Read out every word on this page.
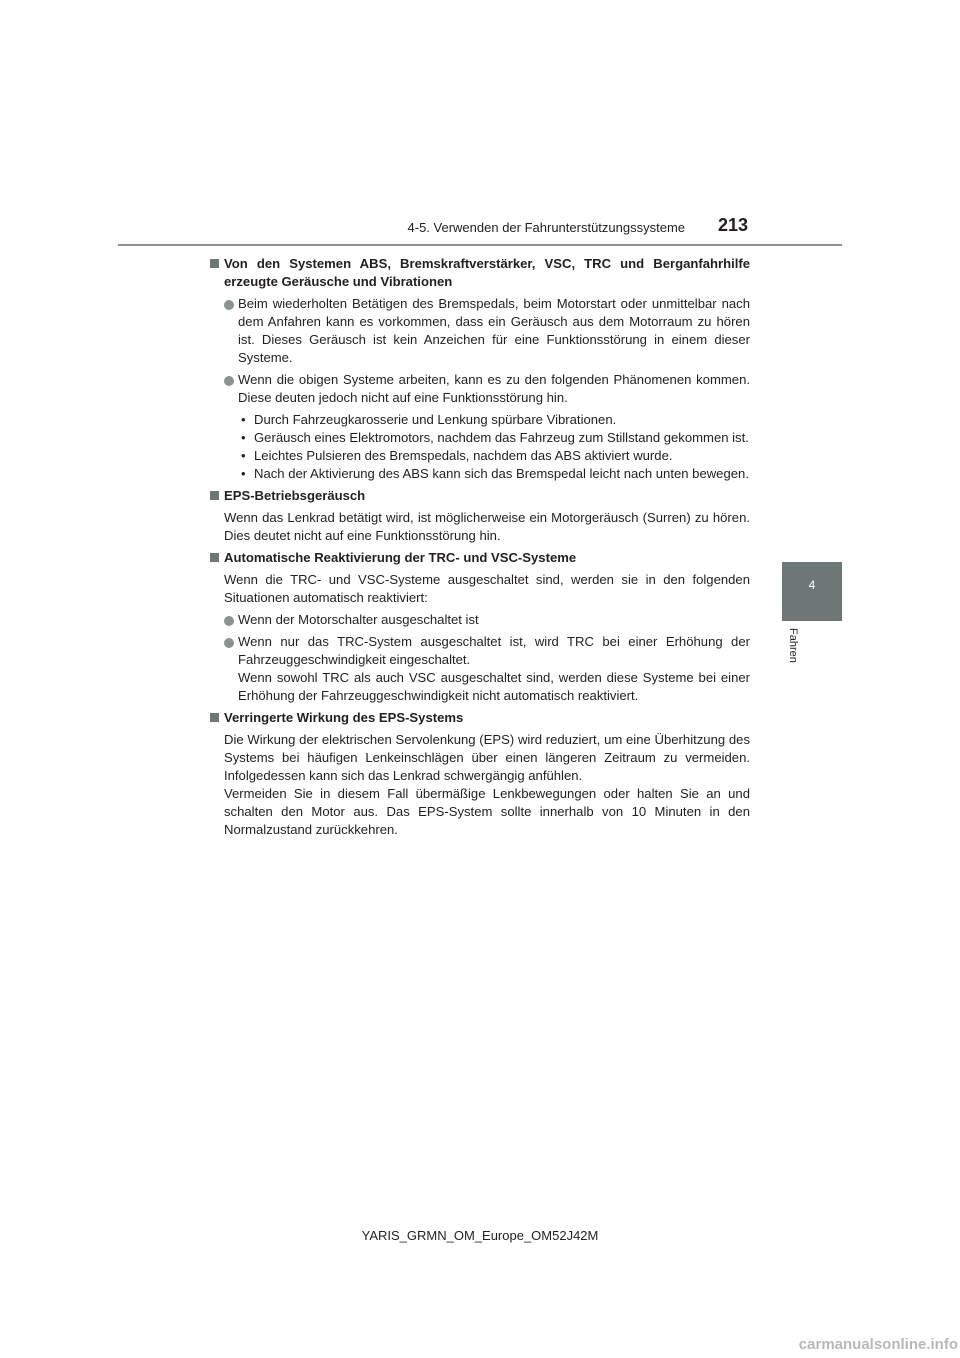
4-5. Verwenden der Fahrunterstützungssysteme	213
4
Fahren
Von den Systemen ABS, Bremskraftverstärker, VSC, TRC und Berganfahrhilfe erzeugte Geräusche und Vibrationen
Beim wiederholten Betätigen des Bremspedals, beim Motorstart oder unmittelbar nach dem Anfahren kann es vorkommen, dass ein Geräusch aus dem Motorraum zu hören ist. Dieses Geräusch ist kein Anzeichen für eine Funktionsstörung in einem dieser Systeme.
Wenn die obigen Systeme arbeiten, kann es zu den folgenden Phänomenen kommen. Diese deuten jedoch nicht auf eine Funktionsstörung hin.
• Durch Fahrzeugkarosserie und Lenkung spürbare Vibrationen.
• Geräusch eines Elektromotors, nachdem das Fahrzeug zum Stillstand gekommen ist.
• Leichtes Pulsieren des Bremspedals, nachdem das ABS aktiviert wurde.
• Nach der Aktivierung des ABS kann sich das Bremspedal leicht nach unten bewegen.
EPS-Betriebsgeräusch
Wenn das Lenkrad betätigt wird, ist möglicherweise ein Motorgeräusch (Surren) zu hören. Dies deutet nicht auf eine Funktionsstörung hin.
Automatische Reaktivierung der TRC- und VSC-Systeme
Wenn die TRC- und VSC-Systeme ausgeschaltet sind, werden sie in den folgenden Situationen automatisch reaktiviert:
Wenn der Motorschalter ausgeschaltet ist
Wenn nur das TRC-System ausgeschaltet ist, wird TRC bei einer Erhöhung der Fahrzeuggeschwindigkeit eingeschaltet.
Wenn sowohl TRC als auch VSC ausgeschaltet sind, werden diese Systeme bei einer Erhöhung der Fahrzeuggeschwindigkeit nicht automatisch reaktiviert.
Verringerte Wirkung des EPS-Systems
Die Wirkung der elektrischen Servolenkung (EPS) wird reduziert, um eine Überhitzung des Systems bei häufigen Lenkeinschlägen über einen längeren Zeitraum zu vermeiden. Infolgedessen kann sich das Lenkrad schwergängig anfühlen.
Vermeiden Sie in diesem Fall übermäßige Lenkbewegungen oder halten Sie an und schalten den Motor aus. Das EPS-System sollte innerhalb von 10 Minuten in den Normalzustand zurückkehren.
YARIS_GRMN_OM_Europe_OM52J42M
carmanualsonline.info
